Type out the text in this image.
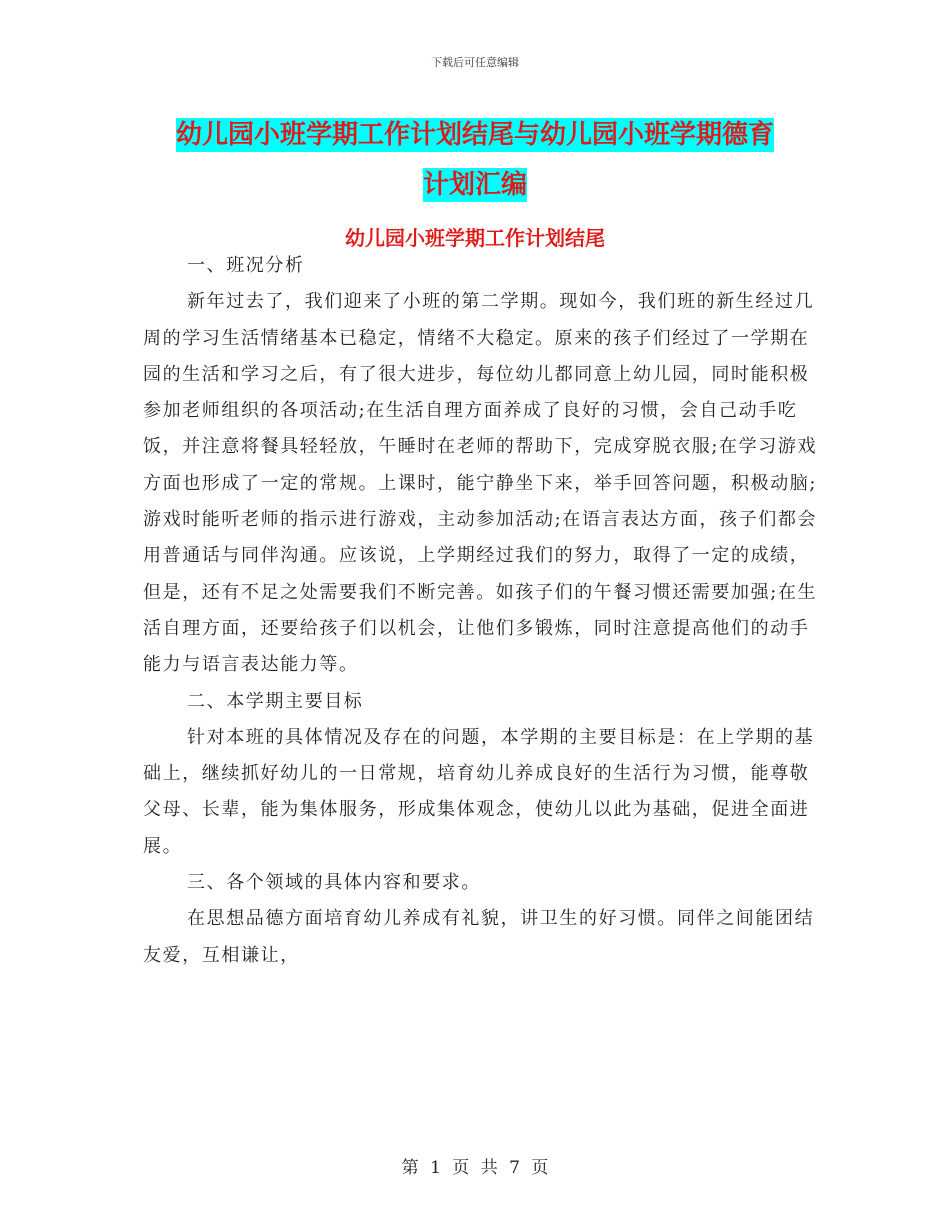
下载后可任意编辑
幼儿园小班学期工作计划结尾与幼儿园小班学期德育
计划汇编
幼儿园小班学期工作计划结尾

一、班况分析

新年过去了，我们迎来了小班的第二学期。现如今，我们班的新生经过几周的学习生活情绪基本已稳定，情绪不大稳定。原来的孩子们经过了一学期在园的生活和学习之后，有了很大进步，每位幼儿都同意上幼儿园，同时能积极参加老师组织的各项活动;在生活自理方面养成了良好的习惯，会自己动手吃饭，并注意将餐具轻轻放，午睡时在老师的帮助下，完成穿脱衣服;在学习游戏方面也形成了一定的常规。上课时，能宁静坐下来，举手回答问题，积极动脑;游戏时能听老师的指示进行游戏，主动参加活动;在语言表达方面，孩子们都会用普通话与同伴沟通。应该说，上学期经过我们的努力，取得了一定的成绩，但是，还有不足之处需要我们不断完善。如孩子们的午餐习惯还需要加强;在生活自理方面，还要给孩子们以机会，让他们多锻炼，同时注意提高他们的动手能力与语言表达能力等。

二、本学期主要目标

针对本班的具体情况及存在的问题，本学期的主要目标是：在上学期的基础上，继续抓好幼儿的一日常规，培育幼儿养成良好的生活行为习惯，能尊敬父母、长辈，能为集体服务，形成集体观念，使幼儿以此为基础，促进全面进展。

三、各个领域的具体内容和要求。

在思想品德方面培育幼儿养成有礼貌，讲卫生的好习惯。同伴之间能团结友爱，互相谦让，

第 1 页 共 7 页
